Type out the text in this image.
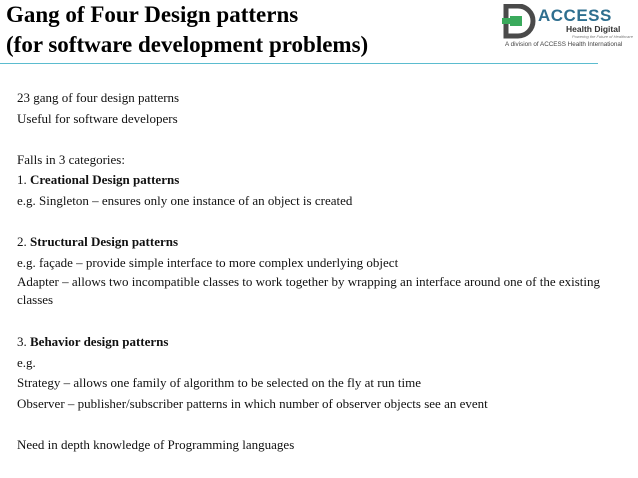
Gang of Four Design patterns
(for software development problems)
ACCESS
Health Digital
Powering the Future of Healthcare
A division of ACCESS Health International
23 gang of four design patterns
Useful for software developers
Falls in 3 categories:
1. Creational Design patterns
e.g. Singleton – ensures only one instance of an object is created
2. Structural Design patterns
e.g. façade – provide simple interface to more complex underlying object
Adapter – allows two incompatible classes to work together by wrapping an interface around one of the existing classes
3. Behavior design patterns
e.g.
Strategy – allows one family of algorithm to be selected on the fly at run time
Observer – publisher/subscriber patterns in which number of observer objects see an event
Need in depth knowledge of Programming languages
